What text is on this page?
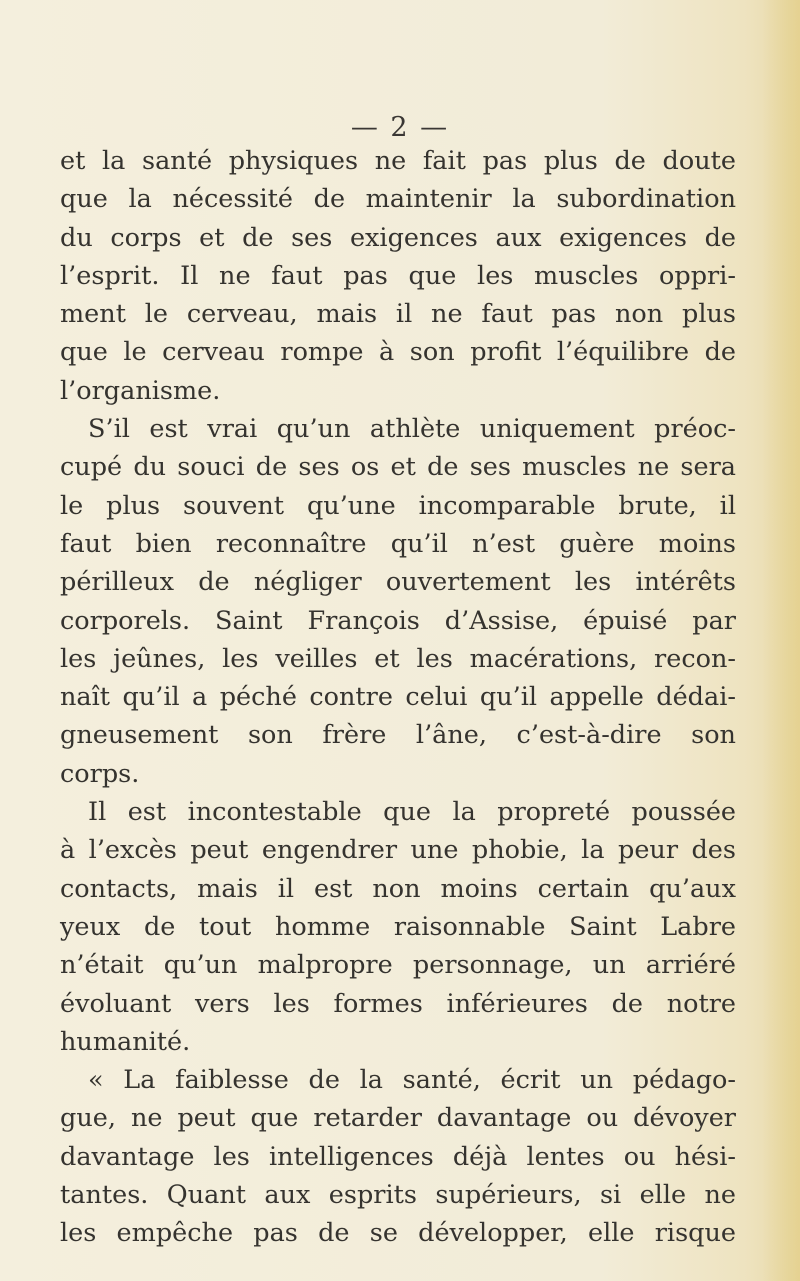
— 2 —
et la santé physiques ne fait pas plus de doute
que la nécessité de maintenir la subordination
du corps et de ses exigences aux exigences de
l’esprit. Il ne faut pas que les muscles oppri-
ment le cerveau, mais il ne faut pas non plus
que le cerveau rompe à son profit l’équilibre de
l’organisme.
S’il est vrai qu’un athlète uniquement préoc-
cupé du souci de ses os et de ses muscles ne sera
le plus souvent qu’une incomparable brute, il
faut bien reconnaître qu’il n’est guère moins
périlleux de négliger ouvertement les intérêts
corporels. Saint François d’Assise, épuisé par
les jeûnes, les veilles et les macérations, recon-
naît qu’il a péché contre celui qu’il appelle dédai-
gneusement son frère l’âne, c’est-à-dire son
corps.
Il est incontestable que la propreté poussée
à l’excès peut engendrer une phobie, la peur des
contacts, mais il est non moins certain qu’aux
yeux de tout homme raisonnable Saint Labre
n’était qu’un malpropre personnage, un arriéré
évoluant vers les formes inférieures de notre
humanité.
« La faiblesse de la santé, écrit un pédago-
gue, ne peut que retarder davantage ou dévoyer
davantage les intelligences déjà lentes ou hési-
tantes. Quant aux esprits supérieurs, si elle ne
les empêche pas de se développer, elle risque
